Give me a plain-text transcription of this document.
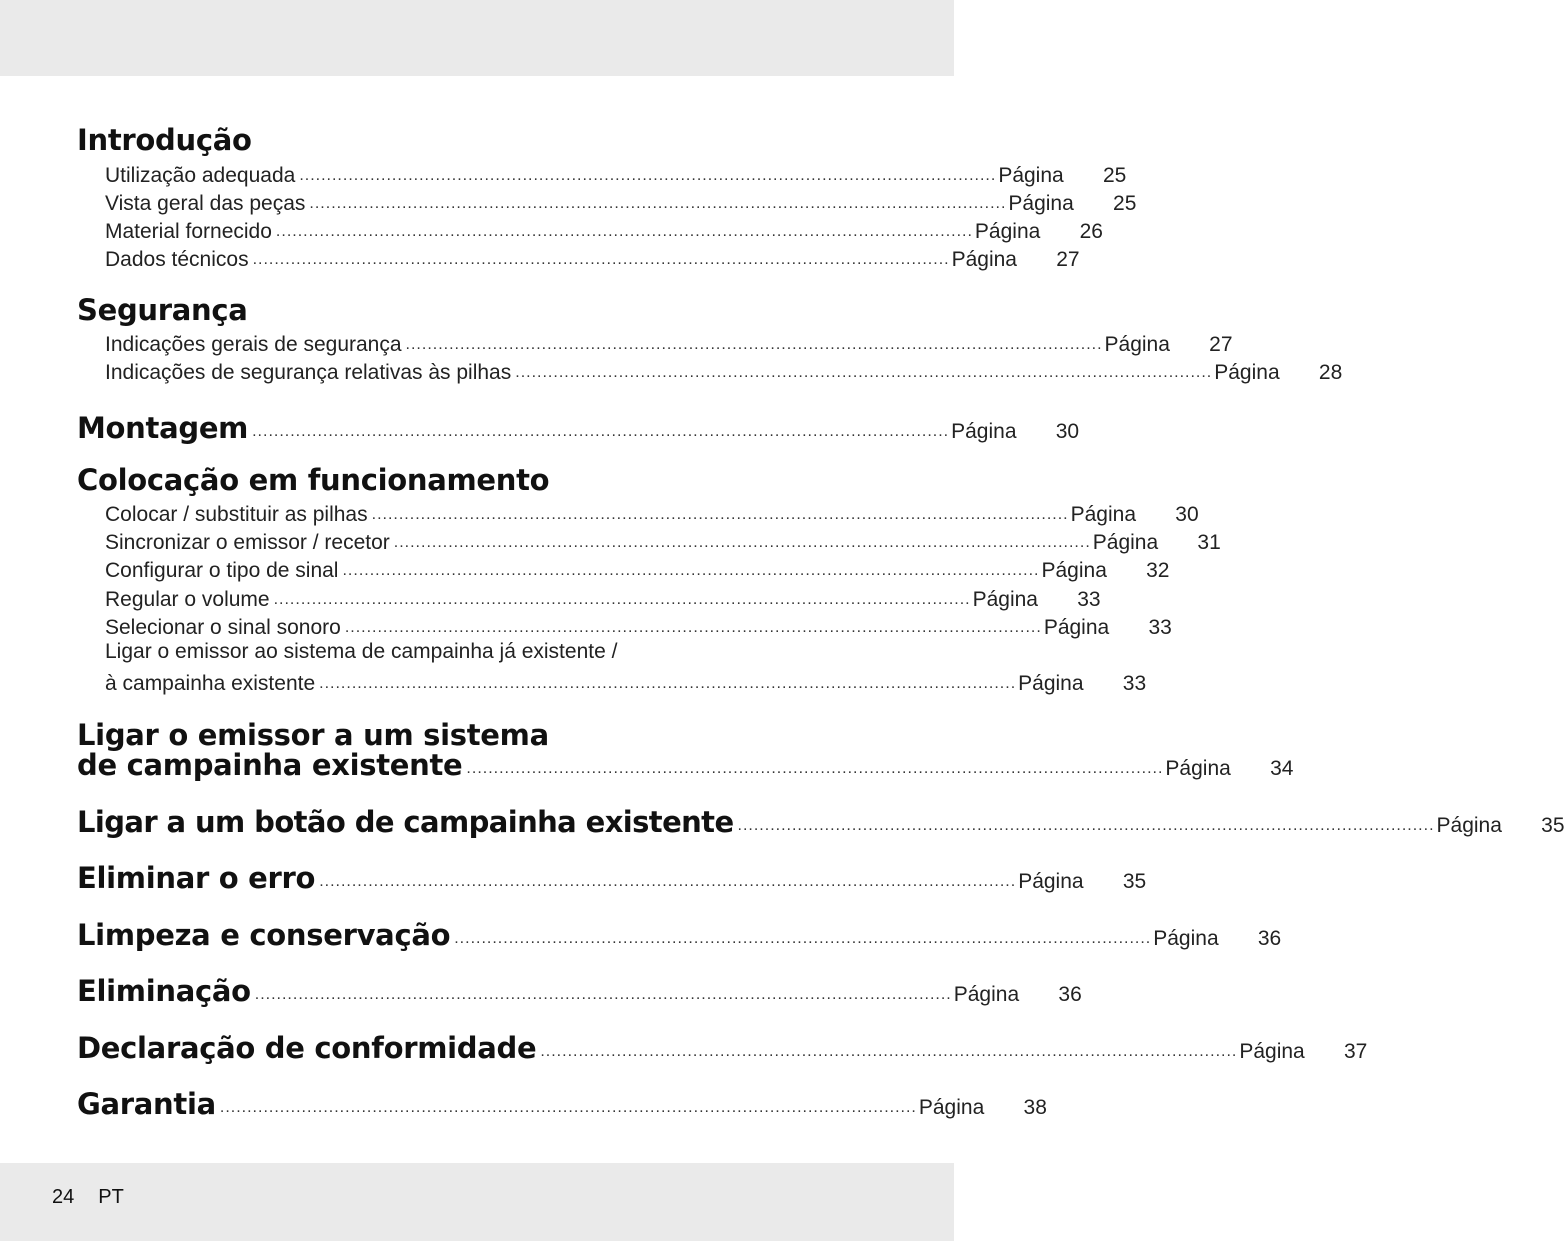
Introdução
Utilização adequada ................................................................................................................................ Página	25
Vista geral das peças ................................................................................................................................ Página	25
Material fornecido ................................................................................................................................ Página	26
Dados técnicos ................................................................................................................................ Página	27
Segurança
Indicações gerais de segurança ................................................................................................................................ Página	27
Indicações de segurança relativas às pilhas ................................................................................................................................ Página	28
Montagem ................................................................................................................................ Página	30
Colocação em funcionamento
Colocar / substituir as pilhas ................................................................................................................................ Página	30
Sincronizar o emissor / recetor ................................................................................................................................ Página	31
Configurar o tipo de sinal ................................................................................................................................ Página	32
Regular o volume ................................................................................................................................ Página	33
Selecionar o sinal sonoro ................................................................................................................................ Página	33
Ligar o emissor ao sistema de campainha já existente /
à campainha existente ................................................................................................................................ Página	33
Ligar o emissor a um sistema
de campainha existente ................................................................................................................................ Página	34
Ligar a um botão de campainha existente ................................................................................................................................ Página	35
Eliminar o erro ................................................................................................................................ Página	35
Limpeza e conservação ................................................................................................................................ Página	36
Eliminação ................................................................................................................................ Página	36
Declaração de conformidade ................................................................................................................................ Página	37
Garantia ................................................................................................................................ Página	38
24 PT
